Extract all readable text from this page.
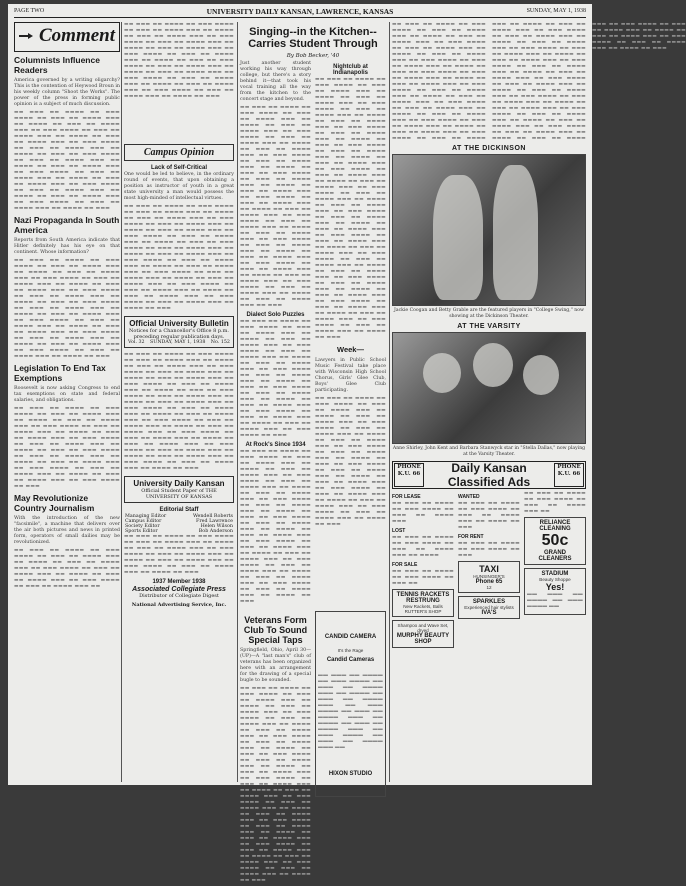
PAGE TWO	UNIVERSITY DAILY KANSAN, LAWRENCE, KANSAS	SUNDAY, MAY 1, 1938
Comment
Columnists Influence Readers

America governed by a writing oligarchy? This is the contention of Heywood Broun in his weekly column "Shoot the Works". The power of the press in forming public opinion is a subject of much discussion.

▬▬ ▬▬▬ ▬▬ ▬▬▬▬ ▬▬ ▬▬▬ ▬▬▬▬ ▬▬ ▬▬▬ ▬▬ ▬▬▬▬ ▬▬▬ ▬▬ ▬▬▬▬ ▬▬ ▬▬▬ ▬▬ ▬▬▬▬ ▬▬▬ ▬▬ ▬▬▬ ▬▬▬▬ ▬▬ ▬▬▬ ▬▬ ▬▬▬▬ ▬▬▬ ▬▬ ▬▬▬▬ ▬▬ ▬▬▬ ▬▬ ▬▬▬▬ ▬▬▬ ▬▬ ▬▬▬ ▬▬▬▬ ▬▬ ▬▬▬ ▬▬ ▬▬▬▬ ▬▬▬ ▬▬ ▬▬▬▬ ▬▬ ▬▬▬ ▬▬ ▬▬▬ ▬▬▬▬ ▬▬ ▬▬▬ ▬▬ ▬▬▬▬ ▬▬▬ ▬▬ ▬▬▬▬ ▬▬ ▬▬▬ ▬▬ ▬▬▬▬ ▬▬▬ ▬▬ ▬▬▬ ▬▬▬▬ ▬▬ ▬▬▬ ▬▬ ▬▬▬▬ ▬▬▬ ▬▬ ▬▬▬▬ ▬▬ ▬▬▬ ▬▬ ▬▬▬▬ ▬▬▬ ▬▬ ▬▬▬ ▬▬▬▬ ▬▬ ▬▬▬ ▬▬ ▬▬▬▬ ▬▬▬ ▬▬ ▬▬▬▬ ▬▬ ▬▬▬ ▬▬ ▬▬▬▬ ▬▬▬ ▬▬ ▬▬▬ ▬▬▬▬ ▬▬ ▬▬▬ ▬▬ ▬▬▬▬ ▬▬▬ ▬▬ ▬▬▬▬ ▬▬ ▬▬▬

Nazi Propaganda In South America

Reports from South America indicate that Hitler definitely has his eye on that continent. Whose information?

▬▬ ▬▬▬ ▬▬ ▬▬▬▬ ▬▬ ▬▬▬ ▬▬▬▬ ▬▬ ▬▬▬ ▬▬ ▬▬▬▬ ▬▬▬ ▬▬ ▬▬▬▬ ▬▬ ▬▬▬ ▬▬ ▬▬▬▬ ▬▬▬ ▬▬ ▬▬▬ ▬▬▬▬ ▬▬ ▬▬▬ ▬▬ ▬▬▬▬ ▬▬▬ ▬▬ ▬▬▬▬ ▬▬ ▬▬▬ ▬▬ ▬▬▬▬ ▬▬▬ ▬▬ ▬▬▬ ▬▬▬▬ ▬▬ ▬▬▬ ▬▬ ▬▬▬▬ ▬▬▬ ▬▬ ▬▬▬▬ ▬▬ ▬▬▬ ▬▬ ▬▬▬ ▬▬▬▬ ▬▬ ▬▬▬ ▬▬ ▬▬▬▬ ▬▬▬ ▬▬ ▬▬▬▬ ▬▬ ▬▬▬ ▬▬ ▬▬▬▬ ▬▬▬ ▬▬ ▬▬▬ ▬▬▬▬ ▬▬ ▬▬▬ ▬▬ ▬▬▬▬ ▬▬▬ ▬▬ ▬▬▬▬ ▬▬ ▬▬▬ ▬▬ ▬▬▬▬ ▬▬▬ ▬▬ ▬▬▬ ▬▬▬▬ ▬▬ ▬▬▬ ▬▬ ▬▬▬▬ ▬▬▬ ▬▬ ▬▬▬▬ ▬▬ ▬▬▬ ▬▬ ▬▬▬▬ ▬▬▬ ▬▬ ▬▬▬ ▬▬▬▬ ▬▬ ▬▬▬ ▬▬ ▬▬▬▬ ▬▬▬ ▬▬ ▬▬▬▬ ▬▬ ▬▬▬

Legislation To End Tax Exemptions

Roosevelt is now asking Congress to end tax exemptions on state and federal salaries, and obligations.

▬▬ ▬▬▬ ▬▬ ▬▬▬▬ ▬▬ ▬▬▬ ▬▬▬▬ ▬▬ ▬▬▬ ▬▬ ▬▬▬▬ ▬▬▬ ▬▬ ▬▬▬▬ ▬▬ ▬▬▬ ▬▬ ▬▬▬▬ ▬▬▬ ▬▬ ▬▬▬ ▬▬▬▬ ▬▬ ▬▬▬ ▬▬ ▬▬▬▬ ▬▬▬ ▬▬ ▬▬▬▬ ▬▬ ▬▬▬ ▬▬ ▬▬▬▬ ▬▬▬ ▬▬ ▬▬▬ ▬▬▬▬ ▬▬ ▬▬▬ ▬▬ ▬▬▬▬ ▬▬▬ ▬▬ ▬▬▬▬ ▬▬ ▬▬▬ ▬▬ ▬▬▬ ▬▬▬▬ ▬▬ ▬▬▬ ▬▬ ▬▬▬▬ ▬▬▬ ▬▬ ▬▬▬▬ ▬▬ ▬▬▬ ▬▬ ▬▬▬▬ ▬▬▬ ▬▬ ▬▬▬ ▬▬▬▬ ▬▬ ▬▬▬ ▬▬ ▬▬▬▬ ▬▬▬ ▬▬ ▬▬▬▬ ▬▬ ▬▬▬ ▬▬ ▬▬▬▬ ▬▬▬ ▬▬ ▬▬▬ ▬▬▬▬ ▬▬ ▬▬▬

May Revolutionize Country Journalism

With the introduction of the new "facsimile", a machine that delivers over the air both pictures and news in printed form, operators of small dailies may be revolutionized.

▬▬ ▬▬▬ ▬▬ ▬▬▬▬ ▬▬ ▬▬▬ ▬▬▬▬ ▬▬ ▬▬▬ ▬▬ ▬▬▬▬ ▬▬▬ ▬▬ ▬▬▬▬ ▬▬ ▬▬▬ ▬▬ ▬▬▬▬ ▬▬▬ ▬▬ ▬▬▬ ▬▬▬▬ ▬▬ ▬▬▬ ▬▬ ▬▬▬▬ ▬▬▬ ▬▬ ▬▬▬▬ ▬▬ ▬▬▬ ▬▬ ▬▬▬▬ ▬▬▬ ▬▬ ▬▬▬ ▬▬▬▬ ▬▬ ▬▬▬ ▬▬ ▬▬▬▬ ▬▬▬ ▬▬

▬▬ ▬▬▬ ▬▬ ▬▬▬▬ ▬▬ ▬▬▬ ▬▬▬▬ ▬▬ ▬▬▬ ▬▬ ▬▬▬▬ ▬▬▬ ▬▬ ▬▬▬▬ ▬▬ ▬▬▬ ▬▬ ▬▬▬▬ ▬▬▬ ▬▬ ▬▬▬ ▬▬▬▬ ▬▬ ▬▬▬ ▬▬ ▬▬▬▬ ▬▬▬ ▬▬ ▬▬▬▬ ▬▬ ▬▬▬ ▬▬ ▬▬▬▬ ▬▬▬ ▬▬ ▬▬▬ ▬▬▬▬ ▬▬ ▬▬▬ ▬▬ ▬▬▬▬ ▬▬▬ ▬▬ ▬▬▬▬ ▬▬ ▬▬▬ ▬▬ ▬▬▬ ▬▬▬▬ ▬▬ ▬▬▬ ▬▬ ▬▬▬▬ ▬▬▬ ▬▬ ▬▬▬▬ ▬▬ ▬▬▬ ▬▬ ▬▬▬▬ ▬▬▬ ▬▬ ▬▬▬ ▬▬▬▬ ▬▬ ▬▬▬ ▬▬ ▬▬▬▬ ▬▬▬ ▬▬ ▬▬▬▬ ▬▬ ▬▬▬ ▬▬ ▬▬▬▬ ▬▬▬ ▬▬ ▬▬▬ ▬▬▬▬ ▬▬ ▬▬▬ ▬▬ ▬▬▬▬ ▬▬▬ ▬▬ ▬▬▬▬ ▬▬ ▬▬▬

Campus Opinion
Lack of Self-Critical

One would be led to believe, in the ordinary round of events, that upon obtaining a position as instructor of youth in a great state university a man would possess the most high-minded of intellectual virtues.

▬▬ ▬▬▬ ▬▬ ▬▬▬▬ ▬▬ ▬▬▬ ▬▬▬▬ ▬▬ ▬▬▬ ▬▬ ▬▬▬▬ ▬▬▬ ▬▬ ▬▬▬▬ ▬▬ ▬▬▬ ▬▬ ▬▬▬▬ ▬▬▬ ▬▬ ▬▬▬ ▬▬▬▬ ▬▬ ▬▬▬ ▬▬ ▬▬▬▬ ▬▬▬ ▬▬ ▬▬▬▬ ▬▬ ▬▬▬ ▬▬ ▬▬▬▬ ▬▬▬ ▬▬ ▬▬▬ ▬▬▬▬ ▬▬ ▬▬▬ ▬▬ ▬▬▬▬ ▬▬▬ ▬▬ ▬▬▬▬ ▬▬ ▬▬▬ ▬▬ ▬▬▬ ▬▬▬▬ ▬▬ ▬▬▬ ▬▬ ▬▬▬▬ ▬▬▬ ▬▬ ▬▬▬▬ ▬▬ ▬▬▬ ▬▬ ▬▬▬▬ ▬▬▬ ▬▬ ▬▬▬ ▬▬▬▬ ▬▬ ▬▬▬ ▬▬ ▬▬▬▬ ▬▬▬ ▬▬ ▬▬▬▬ ▬▬ ▬▬▬ ▬▬ ▬▬▬▬ ▬▬▬ ▬▬ ▬▬▬ ▬▬▬▬ ▬▬ ▬▬▬ ▬▬ ▬▬▬▬ ▬▬▬ ▬▬ ▬▬▬▬ ▬▬ ▬▬▬ ▬▬ ▬▬▬▬ ▬▬▬ ▬▬ ▬▬▬ ▬▬▬▬ ▬▬ ▬▬▬ ▬▬ ▬▬▬▬ ▬▬▬ ▬▬ ▬▬▬▬ ▬▬ ▬▬▬ ▬▬ ▬▬▬▬ ▬▬▬ ▬▬ ▬▬▬ ▬▬▬▬ ▬▬ ▬▬▬ ▬▬ ▬▬▬▬ ▬▬▬ ▬▬ ▬▬▬▬ ▬▬ ▬▬▬

Official University Bulletin
Notices for a Chancellor's Office 8 p.m. preceding regular publication days.
Vol. 32 SUNDAY, MAY 1, 1938 No. 152

▬▬ ▬▬▬ ▬▬ ▬▬▬▬ ▬▬ ▬▬▬ ▬▬▬▬ ▬▬ ▬▬▬ ▬▬ ▬▬▬▬ ▬▬▬ ▬▬ ▬▬▬▬ ▬▬ ▬▬▬ ▬▬ ▬▬▬▬ ▬▬▬ ▬▬ ▬▬▬ ▬▬▬▬ ▬▬ ▬▬▬ ▬▬ ▬▬▬▬ ▬▬▬ ▬▬ ▬▬▬▬ ▬▬ ▬▬▬ ▬▬ ▬▬▬▬ ▬▬▬ ▬▬ ▬▬▬ ▬▬▬▬ ▬▬ ▬▬▬ ▬▬ ▬▬▬▬ ▬▬▬ ▬▬ ▬▬▬▬ ▬▬ ▬▬▬ ▬▬ ▬▬▬ ▬▬▬▬ ▬▬ ▬▬▬ ▬▬ ▬▬▬▬ ▬▬▬ ▬▬ ▬▬▬▬ ▬▬ ▬▬▬ ▬▬ ▬▬▬▬ ▬▬▬ ▬▬ ▬▬▬ ▬▬▬▬ ▬▬ ▬▬▬ ▬▬ ▬▬▬▬ ▬▬▬ ▬▬ ▬▬▬▬ ▬▬ ▬▬▬ ▬▬ ▬▬▬▬ ▬▬▬ ▬▬ ▬▬▬ ▬▬▬▬ ▬▬ ▬▬▬ ▬▬ ▬▬▬▬ ▬▬▬ ▬▬ ▬▬▬▬ ▬▬ ▬▬▬ ▬▬ ▬▬▬▬ ▬▬▬ ▬▬ ▬▬▬ ▬▬▬▬ ▬▬ ▬▬▬ ▬▬ ▬▬▬▬ ▬▬▬ ▬▬ ▬▬▬▬ ▬▬ ▬▬▬ ▬▬ ▬▬▬▬ ▬▬▬ ▬▬ ▬▬▬ ▬▬▬▬ ▬▬ ▬▬▬ ▬▬ ▬▬▬▬ ▬▬▬ ▬▬ ▬▬▬▬ ▬▬ ▬▬▬ ▬▬ ▬▬▬▬ ▬▬▬ ▬▬ ▬▬▬ ▬▬▬▬ ▬▬ ▬▬▬ ▬▬ ▬▬▬▬ ▬▬▬ ▬▬ ▬▬▬▬ ▬▬ ▬▬▬

University Daily Kansan
Official Student Paper of THE UNIVERSITY OF KANSAS
Editorial Staff
Managing Editor	Wendell Roberts
Campus Editor	Fred Lawrence
Society Editor	Helen Wilson
Sports Editor	Bob Anderson

▬▬ ▬▬▬ ▬▬ ▬▬▬▬ ▬▬ ▬▬▬ ▬▬▬▬ ▬▬ ▬▬▬ ▬▬ ▬▬▬▬ ▬▬▬ ▬▬ ▬▬▬▬ ▬▬ ▬▬▬ ▬▬ ▬▬▬▬ ▬▬▬ ▬▬ ▬▬▬ ▬▬▬▬ ▬▬ ▬▬▬ ▬▬ ▬▬▬▬ ▬▬▬ ▬▬ ▬▬▬▬ ▬▬ ▬▬▬ ▬▬ ▬▬▬▬ ▬▬▬ ▬▬ ▬▬▬ ▬▬▬▬ ▬▬ ▬▬▬ ▬▬ ▬▬▬▬ ▬▬▬ ▬▬ ▬▬▬▬ ▬▬ ▬▬▬

1937 Member 1938
Associated Collegiate Press
Distributor of Collegiate Digest
National Advertising Service, Inc.
Singing--in the Kitchen--Carries Student Through
By Bob Becker, '40

Just another student working his way through college, but there's a story behind it—that took his vocal training all the way from the kitchen to the concert stage and beyond.

▬▬ ▬▬▬ ▬▬ ▬▬▬▬ ▬▬ ▬▬▬ ▬▬▬▬ ▬▬ ▬▬▬ ▬▬ ▬▬▬▬ ▬▬▬ ▬▬ ▬▬▬▬ ▬▬ ▬▬▬ ▬▬ ▬▬▬▬ ▬▬▬ ▬▬ ▬▬▬ ▬▬▬▬ ▬▬ ▬▬▬ ▬▬ ▬▬▬▬ ▬▬▬ ▬▬ ▬▬▬▬ ▬▬ ▬▬▬ ▬▬ ▬▬▬▬ ▬▬▬ ▬▬ ▬▬▬ ▬▬▬▬ ▬▬ ▬▬▬ ▬▬ ▬▬▬▬ ▬▬▬ ▬▬ ▬▬▬▬ ▬▬ ▬▬▬ ▬▬ ▬▬▬ ▬▬▬▬ ▬▬ ▬▬▬ ▬▬ ▬▬▬▬ ▬▬▬ ▬▬ ▬▬▬▬ ▬▬ ▬▬▬ ▬▬ ▬▬▬▬ ▬▬▬ ▬▬ ▬▬▬ ▬▬▬▬ ▬▬ ▬▬▬ ▬▬ ▬▬▬▬ ▬▬▬ ▬▬ ▬▬▬▬ ▬▬ ▬▬▬ ▬▬ ▬▬▬▬ ▬▬▬ ▬▬ ▬▬▬ ▬▬▬▬ ▬▬ ▬▬▬ ▬▬ ▬▬▬▬ ▬▬▬ ▬▬ ▬▬▬▬ ▬▬ ▬▬▬ ▬▬ ▬▬▬▬ ▬▬▬ ▬▬ ▬▬▬ ▬▬▬▬ ▬▬ ▬▬▬ ▬▬ ▬▬▬▬ ▬▬▬ ▬▬ ▬▬▬▬ ▬▬ ▬▬▬ ▬▬ ▬▬▬▬ ▬▬▬ ▬▬ ▬▬▬ ▬▬▬▬ ▬▬ ▬▬▬ ▬▬ ▬▬▬▬ ▬▬▬ ▬▬ ▬▬▬▬ ▬▬ ▬▬▬ ▬▬ ▬▬▬▬ ▬▬▬ ▬▬ ▬▬▬ ▬▬▬▬ ▬▬ ▬▬▬ ▬▬ ▬▬▬▬ ▬▬▬ ▬▬ ▬▬▬▬ ▬▬ ▬▬▬ ▬▬ ▬▬▬▬ ▬▬▬ ▬▬ ▬▬▬

Dialect Solo Puzzles

▬▬ ▬▬▬ ▬▬ ▬▬▬▬ ▬▬ ▬▬▬ ▬▬▬▬ ▬▬ ▬▬▬ ▬▬ ▬▬▬▬ ▬▬▬ ▬▬ ▬▬▬▬ ▬▬ ▬▬▬ ▬▬ ▬▬▬▬ ▬▬▬ ▬▬ ▬▬▬ ▬▬▬▬ ▬▬ ▬▬▬ ▬▬ ▬▬▬▬ ▬▬▬ ▬▬ ▬▬▬▬ ▬▬ ▬▬▬ ▬▬ ▬▬▬▬ ▬▬▬ ▬▬ ▬▬▬ ▬▬▬▬ ▬▬ ▬▬▬ ▬▬ ▬▬▬▬ ▬▬▬ ▬▬ ▬▬▬▬ ▬▬ ▬▬▬ ▬▬ ▬▬▬ ▬▬▬▬ ▬▬ ▬▬▬ ▬▬ ▬▬▬▬ ▬▬▬ ▬▬ ▬▬▬▬ ▬▬ ▬▬▬ ▬▬ ▬▬▬▬ ▬▬▬ ▬▬ ▬▬▬ ▬▬▬▬ ▬▬ ▬▬▬ ▬▬ ▬▬▬▬ ▬▬▬ ▬▬ ▬▬▬▬ ▬▬ ▬▬▬ ▬▬ ▬▬▬▬ ▬▬▬ ▬▬ ▬▬▬ ▬▬▬▬ ▬▬ ▬▬▬

At Rock's Since 1934

▬▬ ▬▬▬ ▬▬ ▬▬▬▬ ▬▬ ▬▬▬ ▬▬▬▬ ▬▬ ▬▬▬ ▬▬ ▬▬▬▬ ▬▬▬ ▬▬ ▬▬▬▬ ▬▬ ▬▬▬ ▬▬ ▬▬▬▬ ▬▬▬ ▬▬ ▬▬▬ ▬▬▬▬ ▬▬ ▬▬▬ ▬▬ ▬▬▬▬ ▬▬▬ ▬▬ ▬▬▬▬ ▬▬ ▬▬▬ ▬▬ ▬▬▬▬ ▬▬▬ ▬▬ ▬▬▬ ▬▬▬▬ ▬▬ ▬▬▬ ▬▬ ▬▬▬▬ ▬▬▬ ▬▬ ▬▬▬▬ ▬▬ ▬▬▬ ▬▬ ▬▬▬ ▬▬▬▬ ▬▬ ▬▬▬ ▬▬ ▬▬▬▬ ▬▬▬ ▬▬ ▬▬▬▬ ▬▬ ▬▬▬ ▬▬ ▬▬▬▬ ▬▬▬ ▬▬ ▬▬▬ ▬▬▬▬ ▬▬ ▬▬▬ ▬▬ ▬▬▬▬ ▬▬▬ ▬▬ ▬▬▬▬ ▬▬ ▬▬▬ ▬▬ ▬▬▬▬ ▬▬▬ ▬▬ ▬▬▬ ▬▬▬▬ ▬▬ ▬▬▬ ▬▬ ▬▬▬▬ ▬▬▬ ▬▬ ▬▬▬▬ ▬▬ ▬▬▬ ▬▬ ▬▬▬▬ ▬▬▬ ▬▬ ▬▬▬ ▬▬▬▬ ▬▬ ▬▬▬ ▬▬ ▬▬▬▬ ▬▬▬ ▬▬ ▬▬▬▬ ▬▬ ▬▬▬

Nightclub at Indianapolis

▬▬ ▬▬▬ ▬▬ ▬▬▬▬ ▬▬ ▬▬▬ ▬▬▬▬ ▬▬ ▬▬▬ ▬▬ ▬▬▬▬ ▬▬▬ ▬▬ ▬▬▬▬ ▬▬ ▬▬▬ ▬▬ ▬▬▬▬ ▬▬▬ ▬▬ ▬▬▬ ▬▬▬▬ ▬▬ ▬▬▬ ▬▬ ▬▬▬▬ ▬▬▬ ▬▬ ▬▬▬▬ ▬▬ ▬▬▬ ▬▬ ▬▬▬▬ ▬▬▬ ▬▬ ▬▬▬ ▬▬▬▬ ▬▬ ▬▬▬ ▬▬ ▬▬▬▬ ▬▬▬ ▬▬ ▬▬▬▬ ▬▬ ▬▬▬ ▬▬ ▬▬▬ ▬▬▬▬ ▬▬ ▬▬▬ ▬▬ ▬▬▬▬ ▬▬▬ ▬▬ ▬▬▬▬ ▬▬ ▬▬▬ ▬▬ ▬▬▬▬ ▬▬▬ ▬▬ ▬▬▬ ▬▬▬▬ ▬▬ ▬▬▬ ▬▬ ▬▬▬▬ ▬▬▬ ▬▬ ▬▬▬▬ ▬▬ ▬▬▬ ▬▬ ▬▬▬▬ ▬▬▬ ▬▬ ▬▬▬ ▬▬▬▬ ▬▬ ▬▬▬ ▬▬ ▬▬▬▬ ▬▬▬ ▬▬ ▬▬▬▬ ▬▬ ▬▬▬ ▬▬ ▬▬▬▬ ▬▬▬ ▬▬ ▬▬▬ ▬▬▬▬ ▬▬ ▬▬▬ ▬▬ ▬▬▬▬ ▬▬▬ ▬▬ ▬▬▬▬ ▬▬ ▬▬▬ ▬▬ ▬▬▬▬ ▬▬▬ ▬▬ ▬▬▬ ▬▬▬▬ ▬▬ ▬▬▬ ▬▬ ▬▬▬▬ ▬▬▬ ▬▬ ▬▬▬▬ ▬▬ ▬▬▬ ▬▬ ▬▬▬▬ ▬▬▬ ▬▬ ▬▬▬ ▬▬▬▬ ▬▬ ▬▬▬ ▬▬ ▬▬▬▬ ▬▬▬ ▬▬ ▬▬▬▬ ▬▬ ▬▬▬ ▬▬ ▬▬▬▬ ▬▬▬ ▬▬ ▬▬▬ ▬▬▬▬ ▬▬ ▬▬▬ ▬▬ ▬▬▬▬ ▬▬▬ ▬▬ ▬▬▬▬ ▬▬ ▬▬▬ ▬▬ ▬▬▬▬ ▬▬▬ ▬▬ ▬▬▬ ▬▬▬▬ ▬▬ ▬▬▬ ▬▬ ▬▬▬▬ ▬▬▬ ▬▬ ▬▬▬▬ ▬▬ ▬▬▬ ▬▬ ▬▬▬▬ ▬▬▬ ▬▬ ▬▬▬ ▬▬▬▬ ▬▬ ▬▬▬ ▬▬ ▬▬▬▬ ▬▬▬ ▬▬ ▬▬▬▬ ▬▬ ▬▬▬

Week—

Lawyers in Public School Music Festival take place with Wisconsin High School Chorus, Girls' Glee Club, Boys' Glee Club participating.

▬▬ ▬▬▬ ▬▬ ▬▬▬▬ ▬▬ ▬▬▬ ▬▬▬▬ ▬▬ ▬▬▬ ▬▬ ▬▬▬▬ ▬▬▬ ▬▬ ▬▬▬▬ ▬▬ ▬▬▬ ▬▬ ▬▬▬▬ ▬▬▬ ▬▬ ▬▬▬ ▬▬▬▬ ▬▬ ▬▬▬ ▬▬ ▬▬▬▬ ▬▬▬ ▬▬ ▬▬▬▬ ▬▬ ▬▬▬ ▬▬ ▬▬▬▬ ▬▬▬ ▬▬ ▬▬▬ ▬▬▬▬ ▬▬ ▬▬▬ ▬▬ ▬▬▬▬ ▬▬▬ ▬▬ ▬▬▬▬ ▬▬ ▬▬▬ ▬▬ ▬▬▬ ▬▬▬▬ ▬▬ ▬▬▬ ▬▬ ▬▬▬▬ ▬▬▬ ▬▬ ▬▬▬▬ ▬▬ ▬▬▬ ▬▬ ▬▬▬▬ ▬▬▬ ▬▬ ▬▬▬ ▬▬▬▬ ▬▬ ▬▬▬ ▬▬ ▬▬▬▬ ▬▬▬ ▬▬ ▬▬▬▬ ▬▬ ▬▬▬ ▬▬ ▬▬▬▬ ▬▬▬ ▬▬ ▬▬▬ ▬▬▬▬ ▬▬ ▬▬▬ ▬▬ ▬▬▬▬ ▬▬▬ ▬▬ ▬▬▬▬ ▬▬ ▬▬▬

Veterans Form Club To Sound Special Taps

Springfield, Ohio, April 30—(UP)—A "last man's" club of veterans has been organized here with an arrangement for the drawing of a special bugle to be sounded.

▬▬ ▬▬▬ ▬▬ ▬▬▬▬ ▬▬ ▬▬▬ ▬▬▬▬ ▬▬ ▬▬▬ ▬▬ ▬▬▬▬ ▬▬▬ ▬▬ ▬▬▬▬ ▬▬ ▬▬▬ ▬▬ ▬▬▬▬ ▬▬▬ ▬▬ ▬▬▬ ▬▬▬▬ ▬▬ ▬▬▬ ▬▬ ▬▬▬▬ ▬▬▬ ▬▬ ▬▬▬▬ ▬▬ ▬▬▬ ▬▬ ▬▬▬▬ ▬▬▬ ▬▬ ▬▬▬ ▬▬▬▬ ▬▬ ▬▬▬ ▬▬ ▬▬▬▬ ▬▬▬ ▬▬ ▬▬▬▬ ▬▬ ▬▬▬ ▬▬ ▬▬▬ ▬▬▬▬ ▬▬ ▬▬▬ ▬▬ ▬▬▬▬ ▬▬▬ ▬▬ ▬▬▬▬ ▬▬ ▬▬▬ ▬▬ ▬▬▬▬ ▬▬▬ ▬▬ ▬▬▬ ▬▬▬▬ ▬▬ ▬▬▬ ▬▬ ▬▬▬▬ ▬▬▬ ▬▬ ▬▬▬▬ ▬▬ ▬▬▬ ▬▬ ▬▬▬▬ ▬▬▬ ▬▬ ▬▬▬ ▬▬▬▬ ▬▬ ▬▬▬ ▬▬ ▬▬▬▬ ▬▬▬ ▬▬ ▬▬▬▬ ▬▬ ▬▬▬ ▬▬ ▬▬▬▬ ▬▬▬ ▬▬ ▬▬▬ ▬▬▬▬ ▬▬ ▬▬▬ ▬▬ ▬▬▬▬ ▬▬▬ ▬▬ ▬▬▬▬ ▬▬ ▬▬▬ ▬▬ ▬▬▬▬ ▬▬▬ ▬▬ ▬▬▬ ▬▬▬▬ ▬▬ ▬▬▬ ▬▬ ▬▬▬▬ ▬▬▬ ▬▬ ▬▬▬▬ ▬▬ ▬▬▬ ▬▬ ▬▬▬▬ ▬▬▬ ▬▬ ▬▬▬ ▬▬▬▬ ▬▬ ▬▬▬ ▬▬ ▬▬▬▬ ▬▬▬ ▬▬ ▬▬▬▬ ▬▬ ▬▬▬

CANDID CAMERA
It's the Rage
Candid Cameras

▬▬ ▬▬▬ ▬▬ ▬▬▬▬ ▬▬ ▬▬▬ ▬▬▬▬ ▬▬ ▬▬▬ ▬▬ ▬▬▬▬ ▬▬▬ ▬▬ ▬▬▬▬ ▬▬ ▬▬▬ ▬▬ ▬▬▬▬ ▬▬▬ ▬▬ ▬▬▬ ▬▬▬▬ ▬▬ ▬▬▬ ▬▬ ▬▬▬▬ ▬▬▬ ▬▬ ▬▬▬▬ ▬▬ ▬▬▬ ▬▬ ▬▬▬▬ ▬▬▬ ▬▬ ▬▬▬ ▬▬▬▬ ▬▬ ▬▬▬ ▬▬ ▬▬▬▬ ▬▬▬ ▬▬

HIXON STUDIO

▬▬ ▬▬▬ ▬▬ ▬▬▬▬ ▬▬ ▬▬▬ ▬▬▬▬ ▬▬ ▬▬▬ ▬▬ ▬▬▬▬ ▬▬▬ ▬▬ ▬▬▬▬ ▬▬ ▬▬▬ ▬▬ ▬▬▬▬ ▬▬▬ ▬▬ ▬▬▬ ▬▬▬▬ ▬▬ ▬▬▬ ▬▬ ▬▬▬▬ ▬▬▬ ▬▬ ▬▬▬▬ ▬▬ ▬▬▬ ▬▬ ▬▬▬▬ ▬▬▬ ▬▬ ▬▬▬ ▬▬▬▬ ▬▬ ▬▬▬ ▬▬ ▬▬▬▬ ▬▬▬ ▬▬ ▬▬▬▬ ▬▬ ▬▬▬ ▬▬ ▬▬▬ ▬▬▬▬ ▬▬ ▬▬▬ ▬▬ ▬▬▬▬ ▬▬▬ ▬▬ ▬▬▬▬ ▬▬ ▬▬▬ ▬▬ ▬▬▬▬ ▬▬▬ ▬▬ ▬▬▬ ▬▬▬▬ ▬▬ ▬▬▬ ▬▬ ▬▬▬▬ ▬▬▬ ▬▬ ▬▬▬▬ ▬▬ ▬▬▬ ▬▬ ▬▬▬▬ ▬▬▬ ▬▬ ▬▬▬ ▬▬▬▬ ▬▬ ▬▬▬ ▬▬ ▬▬▬▬ ▬▬▬ ▬▬ ▬▬▬▬ ▬▬ ▬▬▬ ▬▬ ▬▬▬▬ ▬▬▬ ▬▬ ▬▬▬ ▬▬▬▬ ▬▬ ▬▬▬ ▬▬ ▬▬▬▬ ▬▬▬ ▬▬ ▬▬▬▬ ▬▬ ▬▬▬ ▬▬ ▬▬▬▬ ▬▬▬ ▬▬ ▬▬▬ ▬▬▬▬ ▬▬ ▬▬▬ ▬▬ ▬▬▬▬ ▬▬▬ ▬▬ ▬▬▬▬ ▬▬ ▬▬▬ ▬▬ ▬▬▬▬ ▬▬▬ ▬▬ ▬▬▬ ▬▬▬▬ ▬▬ ▬▬▬ ▬▬ ▬▬▬▬ ▬▬▬ ▬▬ ▬▬▬▬ ▬▬ ▬▬▬ ▬▬ ▬▬▬▬ ▬▬▬ ▬▬ ▬▬▬ ▬▬▬▬ ▬▬ ▬▬▬ ▬▬ ▬▬▬▬ ▬▬▬ ▬▬ ▬▬▬▬ ▬▬ ▬▬▬ ▬▬ ▬▬▬▬ ▬▬▬ ▬▬ ▬▬▬ ▬▬▬▬ ▬▬ ▬▬▬ ▬▬ ▬▬▬▬ ▬▬▬ ▬▬ ▬▬▬▬ ▬▬ ▬▬▬ ▬▬ ▬▬▬▬ ▬▬▬ ▬▬ ▬▬▬ ▬▬▬▬ ▬▬ ▬▬▬ ▬▬ ▬▬▬▬ ▬▬▬ ▬▬ ▬▬▬▬ ▬▬ ▬▬▬ ▬▬ ▬▬▬▬ ▬▬▬ ▬▬ ▬▬▬ ▬▬▬▬ ▬▬ ▬▬▬ ▬▬ ▬▬▬▬ ▬▬▬ ▬▬ ▬▬▬▬ ▬▬ ▬▬▬ ▬▬ ▬▬▬▬ ▬▬▬ ▬▬ ▬▬▬ ▬▬▬▬ ▬▬ ▬▬▬ ▬▬ ▬▬▬▬ ▬▬▬ ▬▬ ▬▬▬▬ ▬▬ ▬▬▬ ▬▬ ▬▬▬▬ ▬▬▬ ▬▬ ▬▬▬ ▬▬▬▬ ▬▬ ▬▬▬ ▬▬ ▬▬▬▬ ▬▬▬ ▬▬ ▬▬▬▬ ▬▬ ▬▬▬ ▬▬ ▬▬▬▬ ▬▬▬ ▬▬ ▬▬▬ ▬▬▬▬ ▬▬ ▬▬▬ ▬▬ ▬▬▬▬ ▬▬▬ ▬▬ ▬▬▬▬ ▬▬ ▬▬▬ ▬▬ ▬▬▬▬ ▬▬▬ ▬▬ ▬▬▬ ▬▬▬▬ ▬▬ ▬▬▬ ▬▬ ▬▬▬▬ ▬▬▬ ▬▬ ▬▬▬▬ ▬▬ ▬▬▬

AT THE DICKINSON
Jackie Coogan and Betty Grable are the featured players in "College Swing," now showing at the Dickinson Theater.
AT THE VARSITY
Anne Shirley, John Kent and Barbara Stanwyck star in "Stella Dallas," now playing at the Varsity Theater.
PHONE
K.U. 66	Daily Kansan Classified Ads
PHONE
K.U. 66
FOR LEASE

▬▬ ▬▬▬ ▬▬ ▬▬▬▬ ▬▬ ▬▬▬ ▬▬▬▬ ▬▬ ▬▬▬ ▬▬ ▬▬▬▬ ▬▬▬

LOST

▬▬ ▬▬▬ ▬▬ ▬▬▬▬ ▬▬ ▬▬▬ ▬▬▬▬ ▬▬ ▬▬▬ ▬▬ ▬▬▬▬ ▬▬▬ ▬▬ ▬▬▬▬

FOR SALE

▬▬ ▬▬▬ ▬▬ ▬▬▬▬ ▬▬ ▬▬▬ ▬▬▬▬ ▬▬ ▬▬▬ ▬▬

TENNIS RACKETS RESTRUNG
New Rackets, Balls
RUTTER'S SHOP
Shampoo and Wave Set, dryed
MURPHY BEAUTY SHOP
WANTED

▬▬ ▬▬▬ ▬▬ ▬▬▬▬ ▬▬ ▬▬▬ ▬▬▬▬ ▬▬ ▬▬▬ ▬▬ ▬▬▬▬ ▬▬▬ ▬▬ ▬▬▬▬ ▬▬ ▬▬▬

FOR RENT

▬▬ ▬▬▬ ▬▬ ▬▬▬▬ ▬▬ ▬▬▬ ▬▬▬▬ ▬▬ ▬▬▬

TAXI
HUNSINGER'S
Phone 65
12
SPARKLES
Experienced hair stylists
IVA'S

▬▬ ▬▬▬ ▬▬ ▬▬▬▬ ▬▬ ▬▬▬ ▬▬▬▬ ▬▬ ▬▬▬ ▬▬ ▬▬▬▬ ▬▬▬ ▬▬

RELIANCE CLEANING
50c
GRAND CLEANERS
STADIUM
Beauty Shoppe
Yes!

▬▬ ▬▬▬ ▬▬ ▬▬▬▬ ▬▬ ▬▬▬ ▬▬▬▬ ▬▬
